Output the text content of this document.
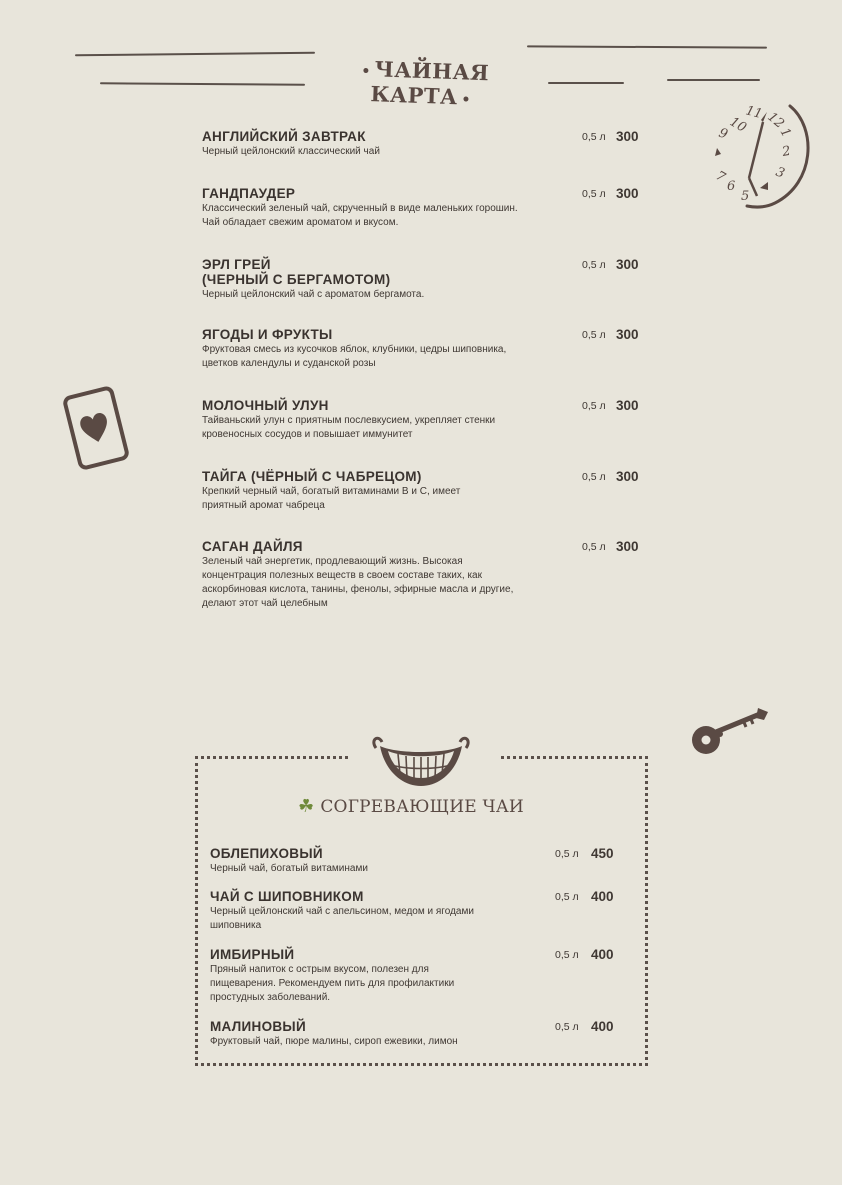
ЧАЙНАЯ КАРТА
11 12
1
2
3
5
6
7
9
10
АНГЛИЙСКИЙ ЗАВТРАК
Черный цейлонский классический чай
0,5 л 300
ГАНДПАУДЕР
Классический зеленый чай, скрученный в виде маленьких горошин. Чай обладает свежим ароматом и вкусом.
0,5 л 300
ЭРЛ ГРЕЙ
(ЧЕРНЫЙ С БЕРГАМОТОМ)
Черный цейлонский чай с ароматом бергамота.
0,5 л 300
ЯГОДЫ И ФРУКТЫ
Фруктовая смесь из кусочков яблок, клубники, цедры шиповника, цветков календулы и суданской розы
0,5 л 300
МОЛОЧНЫЙ УЛУН
Тайваньский улун с приятным послевкусием, укрепляет стенки кровеносных сосудов и повышает иммунитет
0,5 л 300
ТАЙГА (ЧЁРНЫЙ С ЧАБРЕЦОМ)
Крепкий черный чай, богатый витаминами В и С, имеет приятный аромат чабреца
0,5 л 300
САГАН ДАЙЛЯ
Зеленый чай энергетик, продлевающий жизнь. Высокая концентрация полезных веществ в своем составе таких, как аскорбиновая кислота, танины, фенолы, эфирные масла и другие, делают этот чай целебным
0,5 л 300
☘ СОГРЕВАЮЩИЕ ЧАИ
ОБЛЕПИХОВЫЙ
Черный чай, богатый витаминами
0,5 л 450
ЧАЙ С ШИПОВНИКОМ
Черный цейлонский чай с апельсином, медом и ягодами шиповника
0,5 л 400
ИМБИРНЫЙ
Пряный напиток с острым вкусом, полезен для пищеварения. Рекомендуем пить для профилактики простудных заболеваний.
0,5 л 400
МАЛИНОВЫЙ
Фруктовый чай, пюре малины, сироп ежевики, лимон
0,5 л 400
